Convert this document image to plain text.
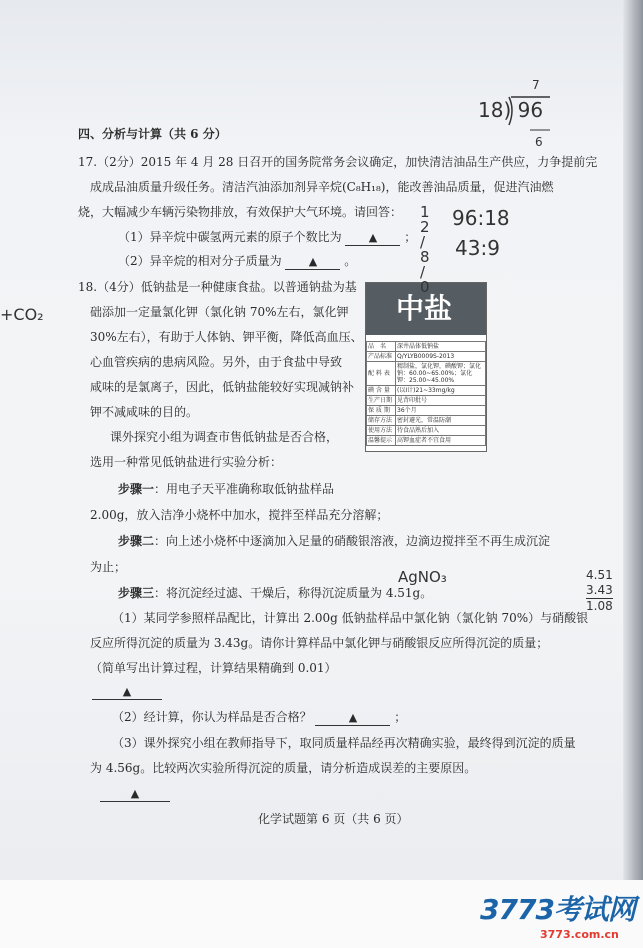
四、分析与计算（共 6 分）
17.（2分）2015 年 4 月 28 日召开的国务院常务会议确定，加快清洁油品生产供应，力争提前完
成成品油质量升级任务。清洁汽油添加剂异辛烷(C₈H₁₈)，能改善油品质量，促进汽油燃
烧，大幅减少车辆污染物排放，有效保护大气环境。请回答：
（1）异辛烷中碳氢两元素的原子个数比为 ▲ ；
（2）异辛烷的相对分子质量为 ▲ 。
18.（4分）低钠盐是一种健康食盐。以普通钠盐为基
础添加一定量氯化钾（氯化钠 70%左右，氯化钾
30%左右），有助于人体钠、钾平衡，降低高血压、
心血管疾病的患病风险。另外，由于食盐中导致
咸味的是氯离子，因此，低钠盐能较好实现减钠补
钾不减咸味的目的。
课外探究小组为调查市售低钠盐是否合格，
选用一种常见低钠盐进行实验分析：
步骤一：用电子天平准确称取低钠盐样品
2.00g，放入洁净小烧杯中加水，搅拌至样品充分溶解；
步骤二：向上述小烧杯中逐滴加入足量的硝酸银溶液，边滴边搅拌至不再生成沉淀
为止；
步骤三：将沉淀经过滤、干燥后，称得沉淀质量为 4.51g。
（1）某同学参照样品配比，计算出 2.00g 低钠盐样品中氯化钠（氯化钠 70%）与硝酸银
反应所得沉淀的质量为 3.43g。请你计算样品中氯化钾与硝酸银反应所得沉淀的质量；
（简单写出计算过程，计算结果精确到 0.01）
▲
（2）经计算，你认为样品是否合格？	▲	；
（3）课外探究小组在教师指导下，取同质量样品经再次精确实验，最终得到沉淀的质量
为 4.56g。比较两次实验所得沉淀的质量，请分析造成误差的主要原因。
▲
中盐
品　名	深井晶体低钠盐
产品标准	Q/YLYB0009S-2013
配 料 表	精制盐，氯化钾，碘酸钾；氯化钠：60.00~65.00%；氯化钾：25.00~45.00%
碘 含 量	(以I计)21~33mg/kg
生产日期	见背印批号
保 质 期	36个月
储存方法	密封避光，常温防潮
使用方法	待食品熟后加入
温馨提示	高钾血症者不宜食用
7
18) 96
6
12 / 8 / 0
96:18
43:9
AgNO₃	4.51
3.43
1.08
+CO₂
化学试题第 6 页（共 6 页）
3773考试网
3773.com.cn
